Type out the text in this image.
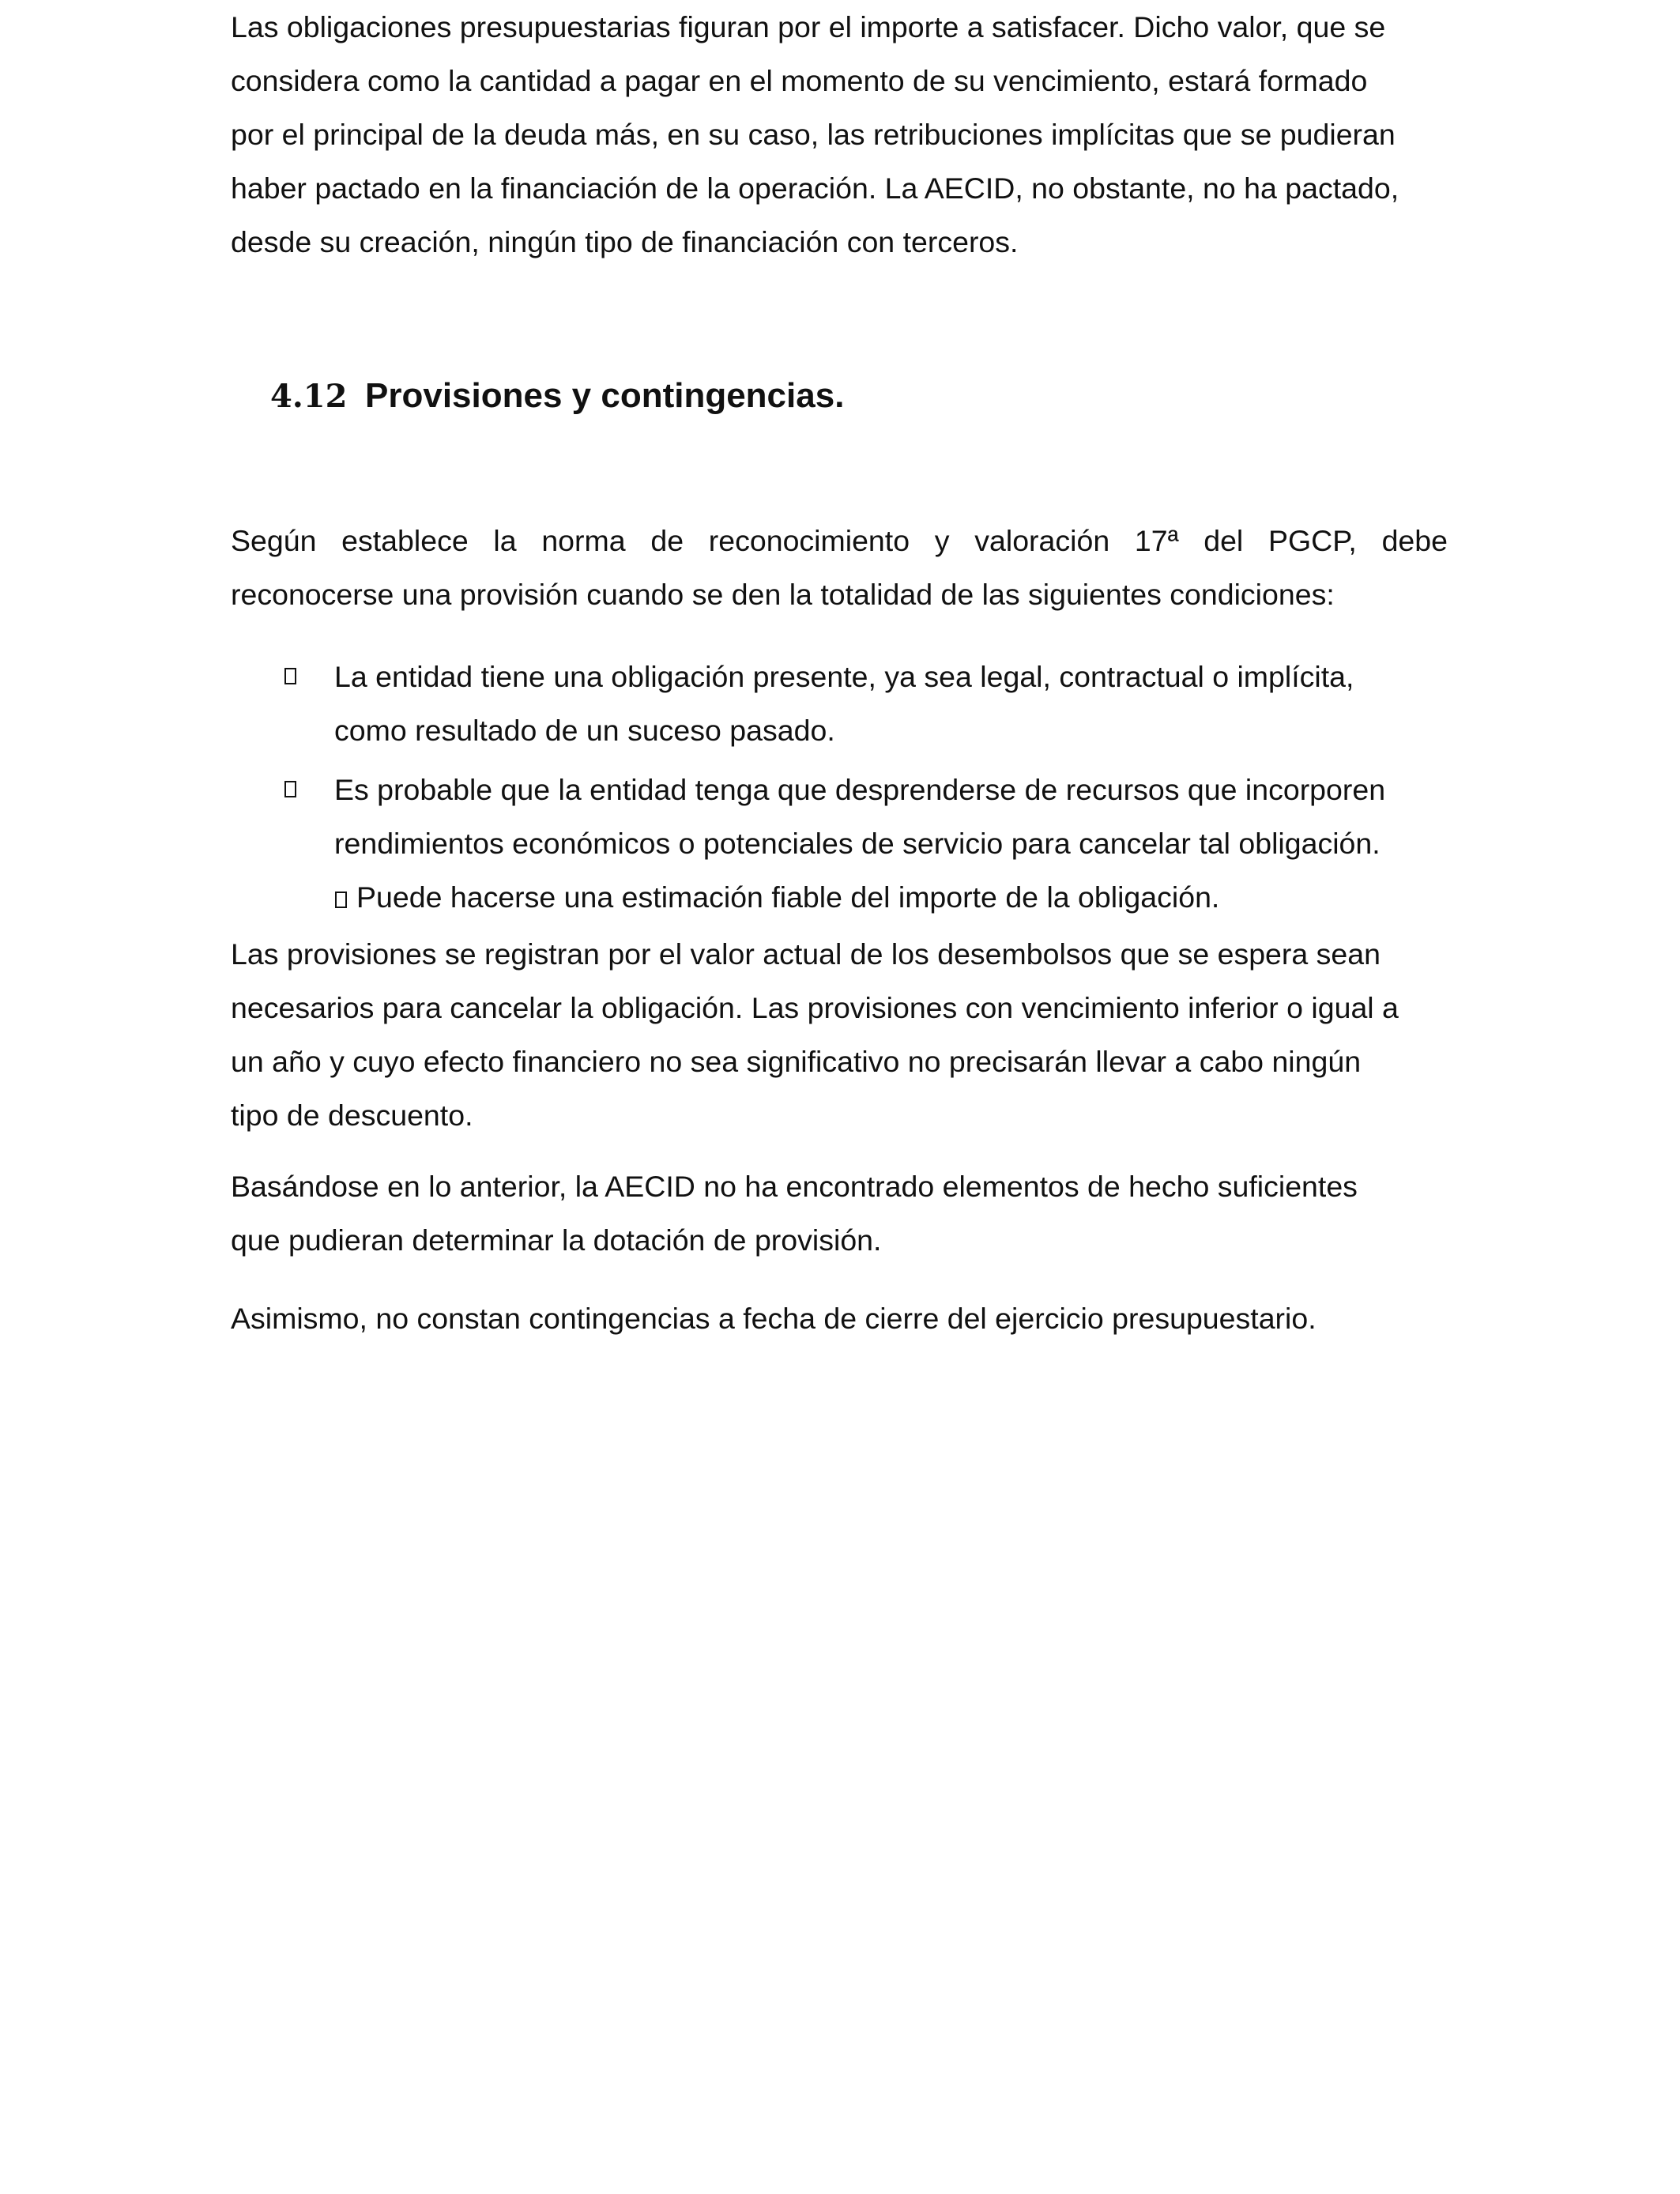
Las obligaciones presupuestarias figuran por el importe a satisfacer. Dicho valor, que se
considera como la cantidad a pagar en el momento de su vencimiento, estará formado
por el principal de la deuda más, en su caso, las retribuciones implícitas que se pudieran
haber pactado en la financiación de la operación. La AECID, no obstante, no ha pactado,
desde su creación, ningún tipo de financiación con terceros.

4.12 Provisiones y contingencias.

Según establece la norma de reconocimiento y valoración 17ª del PGCP, debe
reconocerse una provisión cuando se den la totalidad de las siguientes condiciones:

La entidad tiene una obligación presente, ya sea legal, contractual o implícita,
como resultado de un suceso pasado.
Es probable que la entidad tenga que desprenderse de recursos que incorporen
rendimientos económicos o potenciales de servicio para cancelar tal obligación.
Puede hacerse una estimación fiable del importe de la obligación.

Las provisiones se registran por el valor actual de los desembolsos que se espera sean
necesarios para cancelar la obligación. Las provisiones con vencimiento inferior o igual a
un año y cuyo efecto financiero no sea significativo no precisarán llevar a cabo ningún
tipo de descuento.

Basándose en lo anterior, la AECID no ha encontrado elementos de hecho suficientes
que pudieran determinar la dotación de provisión.

Asimismo, no constan contingencias a fecha de cierre del ejercicio presupuestario.
